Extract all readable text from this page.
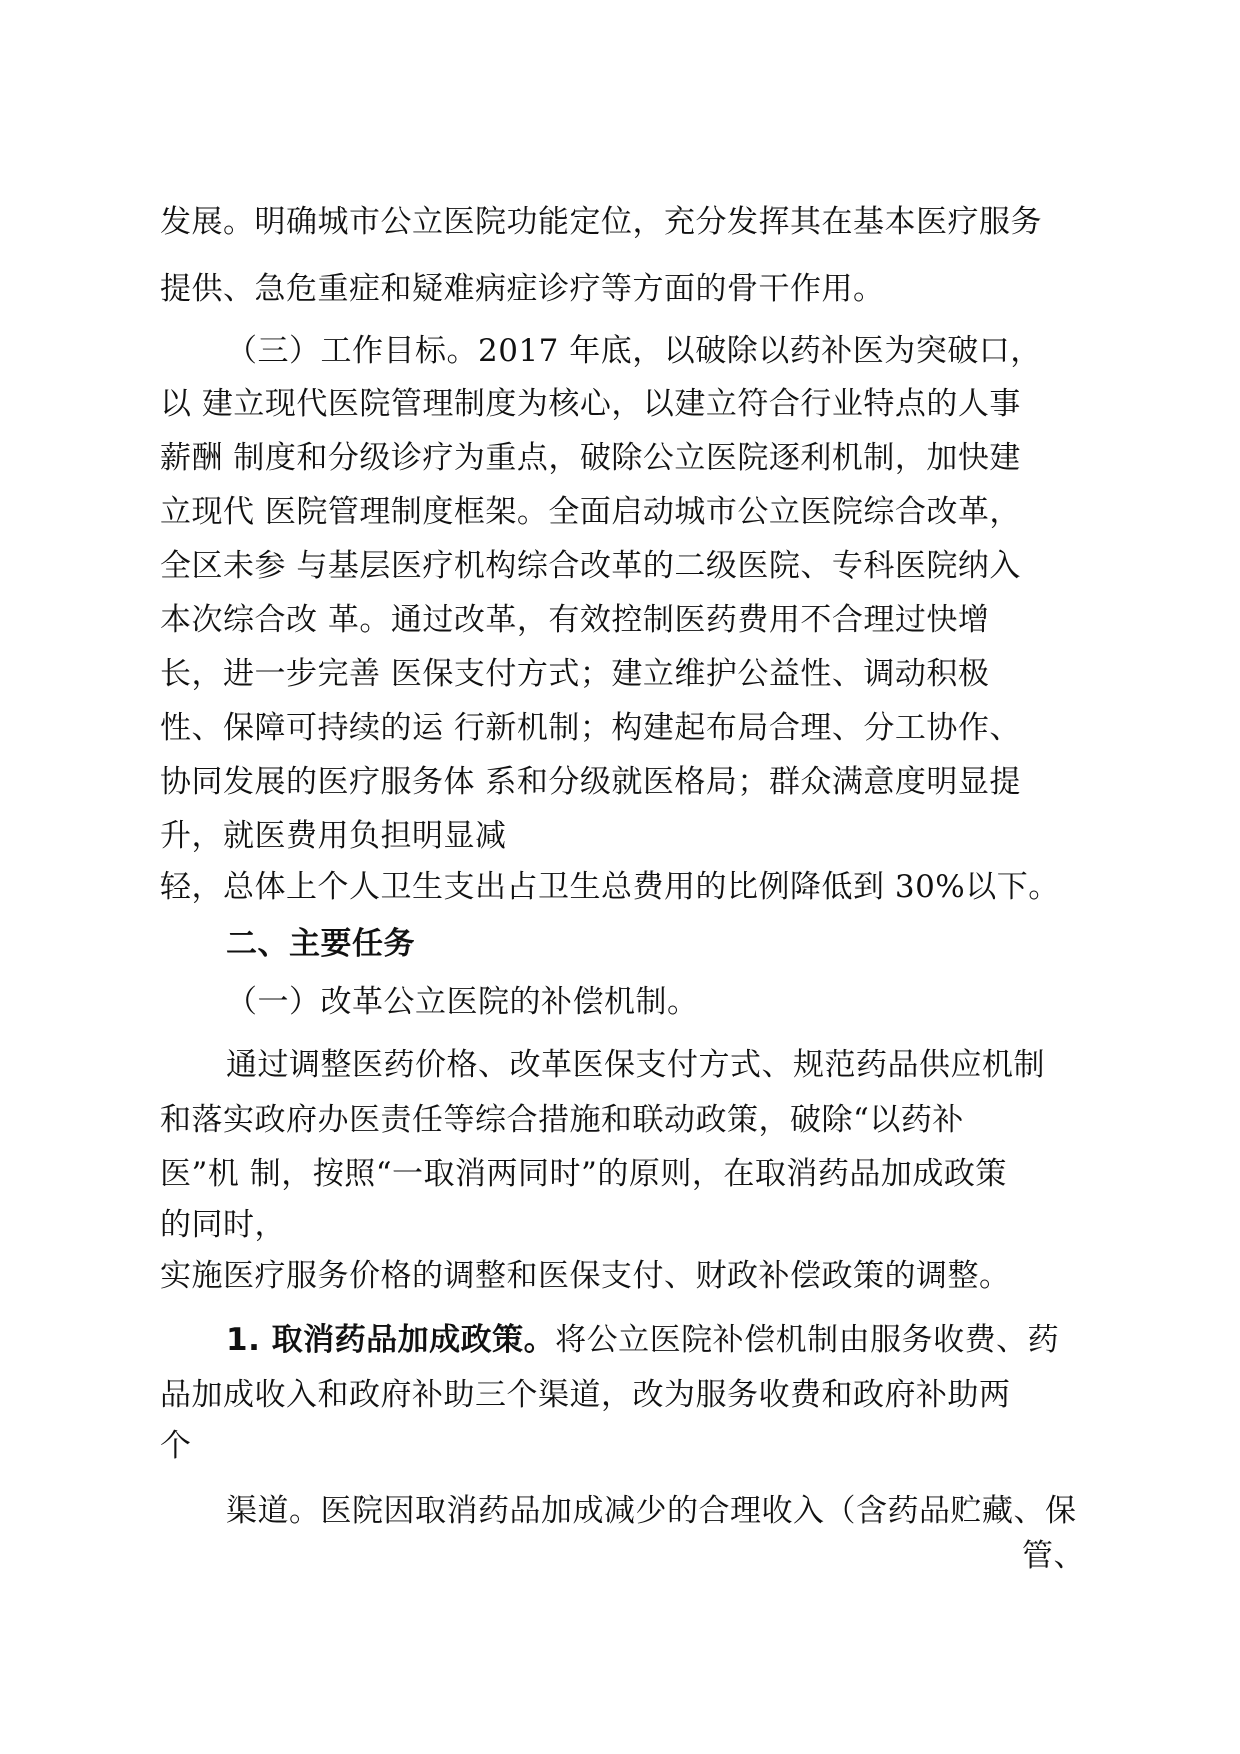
发展。明确城市公立医院功能定位，充分发挥其在基本医疗服务
提供、急危重症和疑难病症诊疗等方面的骨干作用。
（三）工作目标。2017 年底，以破除以药补医为突破口，
以 建立现代医院管理制度为核心，以建立符合行业特点的人事
薪酬 制度和分级诊疗为重点，破除公立医院逐利机制，加快建
立现代 医院管理制度框架。全面启动城市公立医院综合改革，
全区未参 与基层医疗机构综合改革的二级医院、专科医院纳入
本次综合改 革。通过改革，有效控制医药费用不合理过快增
长，进一步完善 医保支付方式；建立维护公益性、调动积极
性、保障可持续的运 行新机制；构建起布局合理、分工协作、
协同发展的医疗服务体 系和分级就医格局；群众满意度明显提
升，就医费用负担明显减
轻，总体上个人卫生支出占卫生总费用的比例降低到 30%以下。
二、主要任务
（一）改革公立医院的补偿机制。
通过调整医药价格、改革医保支付方式、规范药品供应机制
和落实政府办医责任等综合措施和联动政策，破除“以药补
医”机 制，按照“一取消两同时”的原则，在取消药品加成政策
的同时，
实施医疗服务价格的调整和医保支付、财政补偿政策的调整。
1. 取消药品加成政策。将公立医院补偿机制由服务收费、药
品加成收入和政府补助三个渠道，改为服务收费和政府补助两
个
渠道。医院因取消药品加成减少的合理收入（含药品贮藏、保
管、
